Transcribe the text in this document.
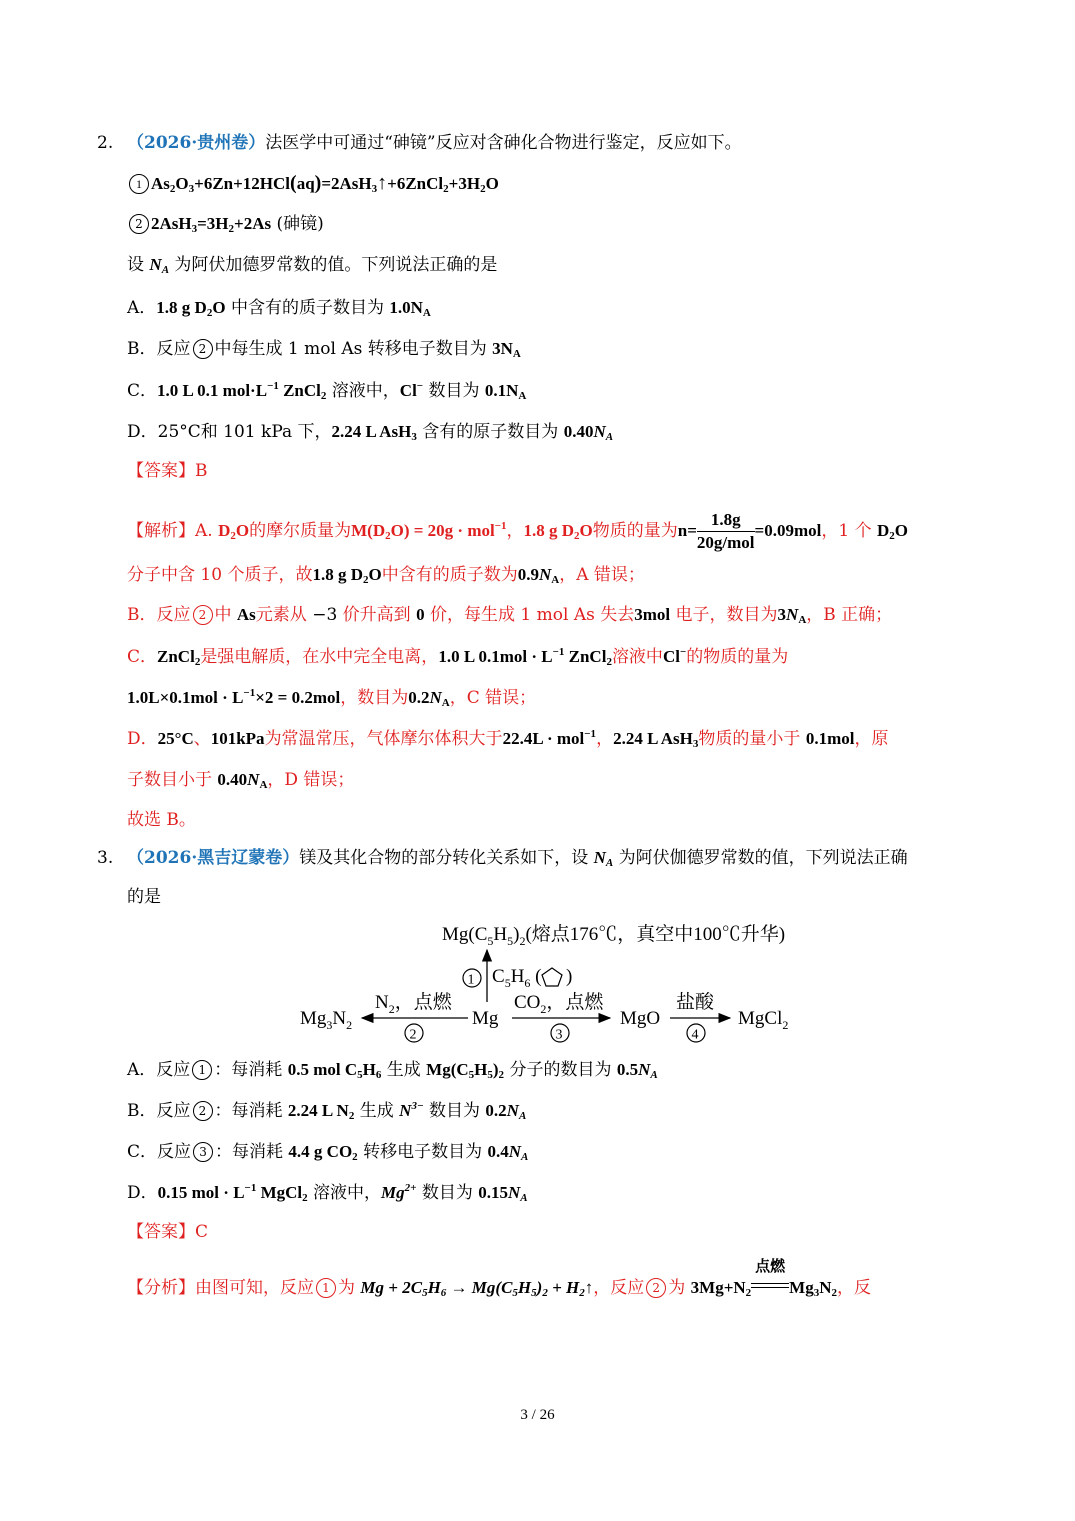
2. （2026·贵州卷）法医学中可通过“砷镜”反应对含砷化合物进行鉴定，反应如下。
1 $As_2O_3+6Zn+12HCl(aq)=2AsH_3↑+6ZnCl_2+3H_2O$
2 $2AsH_3=3H_2+2As$ (砷镜)
设 $N_A$ 为阿伏加德罗常数的值。下列说法正确的是
A．1.8 g $D_2O$ 中含有的质子数目为 $1.0N_A$
B．反应 2 中每生成 1 mol As 转移电子数目为 $3N_A$
C．1.0 L 0.1 $mol\cdot L^{-1}$ ZnCl$_2$ 溶液中，Cl− 数目为 $0.1N_A$
D．25°C和 101 kPa 下，2.24 L AsH$_3$ 含有的原子数目为 $0.40N_A$
【答案】B
【解析】A. $D_2O$的摩尔质量为$M(D_2O) = 20g \cdot mol^{-1}$，1.8 g $D_2O$物质的量为$n= \frac{1.8g}{\text{20g/mol}} =0.09mol$，1 个 $D_2O$
分子中含 10 个质子，故1.8 g $D_2O$中含有的质子数为$0.9N_A$，A 错误；
B．反应 2 中 As元素从 −3 价升高到 0 价，每生成 1 mol As 失去3mol 电子，数目为$3N_A$，B 正确；
C．ZnCl$_2$是强电解质，在水中完全电离，1.0 L $0.1mol \cdot L^{-1}$ ZnCl$_2$溶液中Cl−的物质的量为
$1.0L\times 0.1mol \cdot L^{-1}\times 2 = 0.2mol$，数目为$0.2N_A$，C 错误；
D．25°C、101kPa为常温常压，气体摩尔体积大于22.4L · mol$^{-1}$，2.24 L AsH$_3$物质的量小于 0.1mol，原
子数目小于 $0.40N_A$，D 错误；
故选 B。
3. （2026·黑吉辽蒙卷）镁及其化合物的部分转化关系如下，设 $N_A$ 为阿伏伽德罗常数的值，下列说法正确
的是
$Mg(C_5H_5)_2$(熔点176℃，真空中100℃升华)
1 $C_5H_6$ ( )
$Mg_3N_2$
$N_2$，点燃
2
Mg
$CO_2$，点燃
3
MgO
盐酸
4
MgCl$_2$
A．反应 1 ：每消耗 0.5 mol $C_5H_6$ 生成 $Mg(C_5H_5)_2$ 分子的数目为 $0.5N_A$
B．反应 2 ：每消耗 2.24 L $N_2$ 生成 $N^{3-}$ 数目为 $0.2N_A$
C．反应 3 ：每消耗 4.4 g $CO_2$ 转移电子数目为 $0.4N_A$
D．0.15 mol · $L^{-1}$ MgCl$_2$ 溶液中，$Mg^{2+}$ 数目为 $0.15N_A$
【答案】C
【分析】由图可知，反应 1 为 $Mg + 2C_5H_6 \to Mg(C_5H_5)_2$ + $H_2↑$，反应 2 为 $3Mg+N_2$
点燃
$Mg_3N_2$，反
3 / 26
